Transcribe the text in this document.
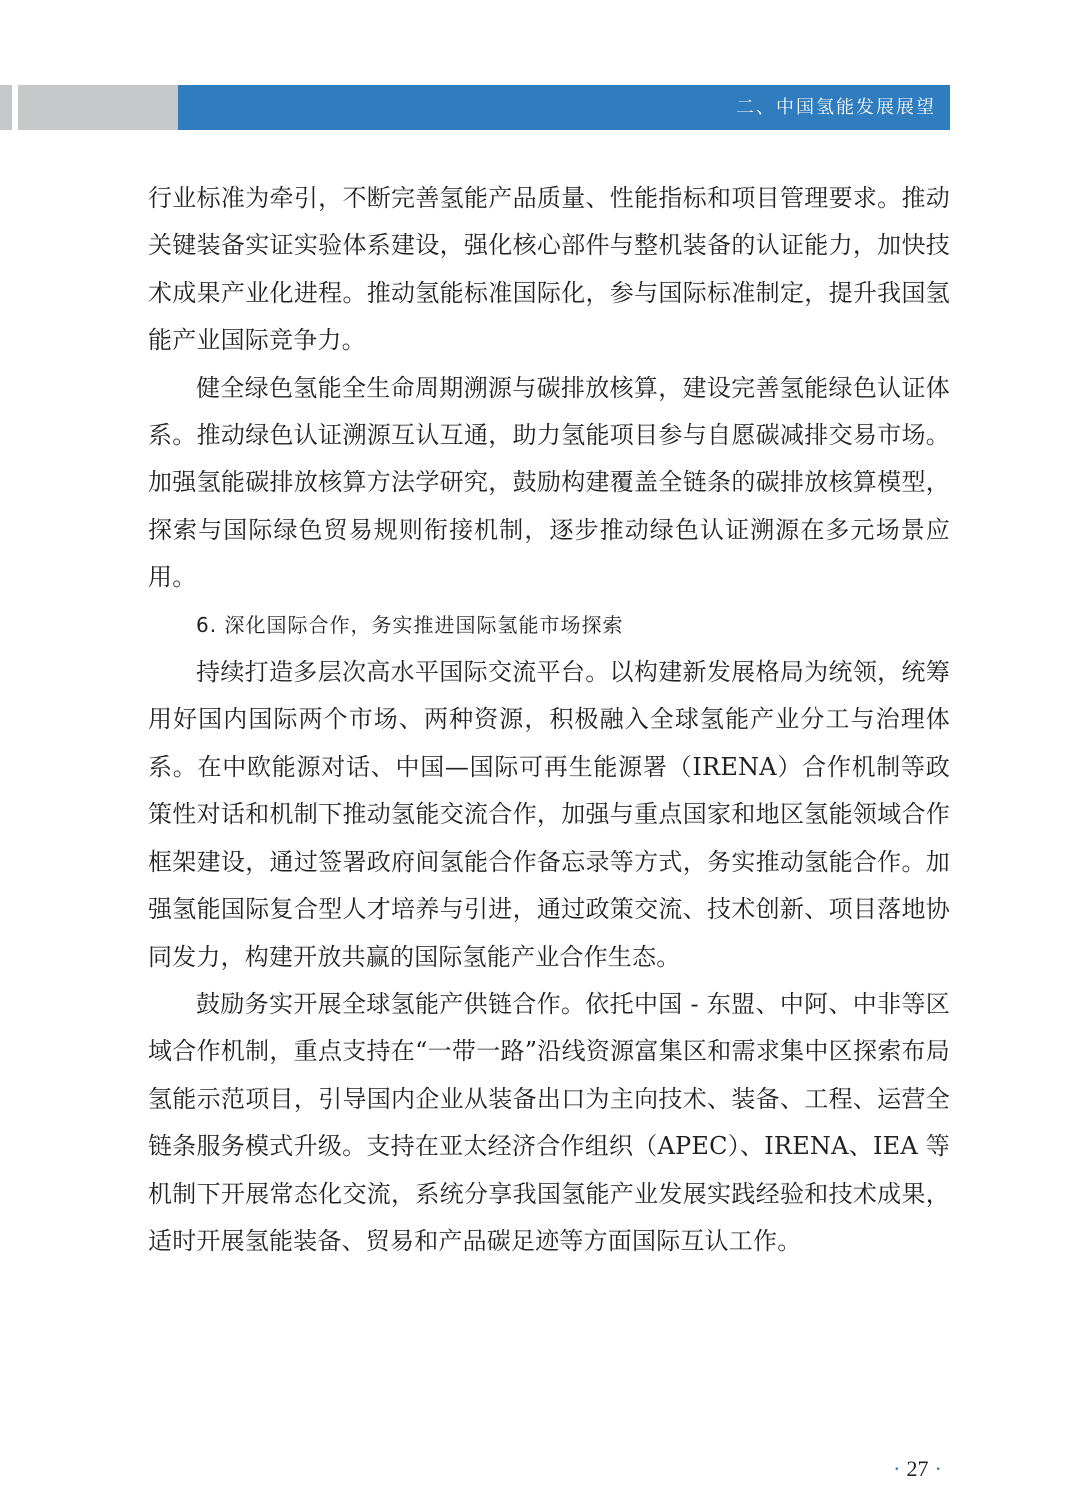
二、中国氢能发展展望

行业标准为牵引，不断完善氢能产品质量、性能指标和项目管理要求。推动关键装备实证实验体系建设，强化核心部件与整机装备的认证能力，加快技术成果产业化进程。推动氢能标准国际化，参与国际标准制定，提升我国氢能产业国际竞争力。

健全绿色氢能全生命周期溯源与碳排放核算，建设完善氢能绿色认证体系。推动绿色认证溯源互认互通，助力氢能项目参与自愿碳减排交易市场。加强氢能碳排放核算方法学研究，鼓励构建覆盖全链条的碳排放核算模型，探索与国际绿色贸易规则衔接机制，逐步推动绿色认证溯源在多元场景应用。

6. 深化国际合作，务实推进国际氢能市场探索

持续打造多层次高水平国际交流平台。以构建新发展格局为统领，统筹用好国内国际两个市场、两种资源，积极融入全球氢能产业分工与治理体系。在中欧能源对话、中国—国际可再生能源署（IRENA）合作机制等政策性对话和机制下推动氢能交流合作，加强与重点国家和地区氢能领域合作框架建设，通过签署政府间氢能合作备忘录等方式，务实推动氢能合作。加强氢能国际复合型人才培养与引进，通过政策交流、技术创新、项目落地协同发力，构建开放共赢的国际氢能产业合作生态。

鼓励务实开展全球氢能产供链合作。依托中国 - 东盟、中阿、中非等区域合作机制，重点支持在“一带一路”沿线资源富集区和需求集中区探索布局氢能示范项目，引导国内企业从装备出口为主向技术、装备、工程、运营全链条服务模式升级。支持在亚太经济合作组织（APEC）、IRENA、IEA 等机制下开展常态化交流，系统分享我国氢能产业发展实践经验和技术成果，适时开展氢能装备、贸易和产品碳足迹等方面国际互认工作。

· 27 ·
